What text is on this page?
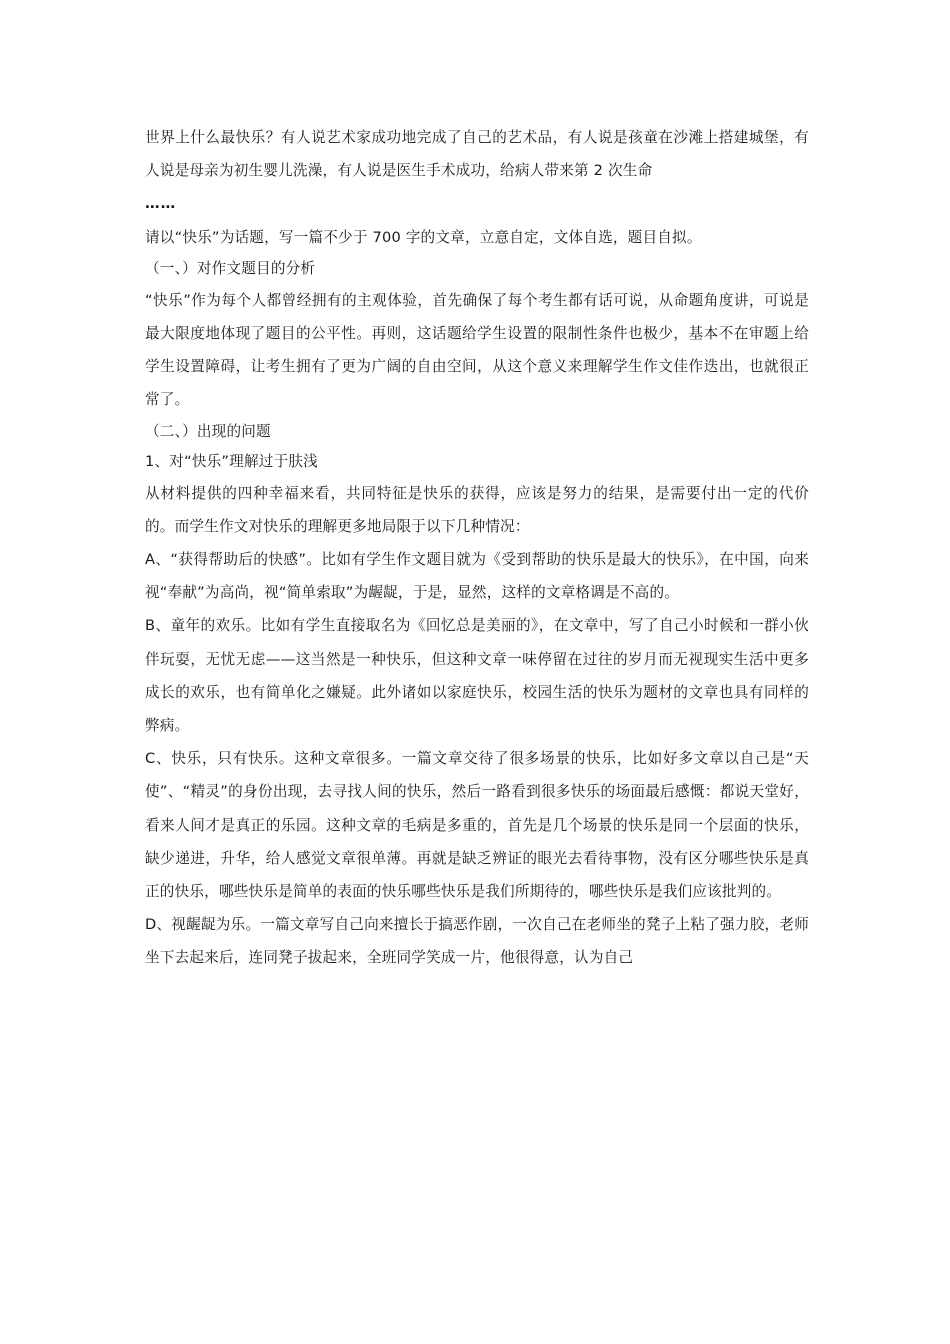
世界上什么最快乐？有人说艺术家成功地完成了自己的艺术品，有人说是孩童在沙滩上搭建城堡，有人说是母亲为初生婴儿洗澡，有人说是医生手术成功，给病人带来第 2 次生命

……

请以“快乐”为话题，写一篇不少于 700 字的文章，立意自定，文体自选，题目自拟。

（一、）对作文题目的分析

“快乐”作为每个人都曾经拥有的主观体验，首先确保了每个考生都有话可说，从命题角度讲，可说是最大限度地体现了题目的公平性。再则，这话题给学生设置的限制性条件也极少，基本不在审题上给学生设置障碍，让考生拥有了更为广阔的自由空间，从这个意义来理解学生作文佳作迭出，也就很正常了。

（二、）出现的问题

1、对“快乐”理解过于肤浅

从材料提供的四种幸福来看，共同特征是快乐的获得，应该是努力的结果，是需要付出一定的代价的。而学生作文对快乐的理解更多地局限于以下几种情况：

A、“获得帮助后的快感”。比如有学生作文题目就为《受到帮助的快乐是最大的快乐》，在中国，向来视“奉献”为高尚，视“简单索取”为龌龊，于是，显然，这样的文章格调是不高的。

B、童年的欢乐。比如有学生直接取名为《回忆总是美丽的》，在文章中，写了自己小时候和一群小伙伴玩耍，无忧无虑——这当然是一种快乐，但这种文章一味停留在过往的岁月而无视现实生活中更多成长的欢乐，也有简单化之嫌疑。此外诸如以家庭快乐，校园生活的快乐为题材的文章也具有同样的弊病。

C、快乐，只有快乐。这种文章很多。一篇文章交待了很多场景的快乐，比如好多文章以自己是“天使”、“精灵”的身份出现，去寻找人间的快乐，然后一路看到很多快乐的场面最后感慨：都说天堂好，看来人间才是真正的乐园。这种文章的毛病是多重的，首先是几个场景的快乐是同一个层面的快乐，缺少递进，升华，给人感觉文章很单薄。再就是缺乏辨证的眼光去看待事物，没有区分哪些快乐是真正的快乐，哪些快乐是简单的表面的快乐哪些快乐是我们所期待的，哪些快乐是我们应该批判的。

D、视龌龊为乐。一篇文章写自己向来擅长于搞恶作剧，一次自己在老师坐的凳子上粘了强力胶，老师坐下去起来后，连同凳子拔起来，全班同学笑成一片，他很得意，认为自己
